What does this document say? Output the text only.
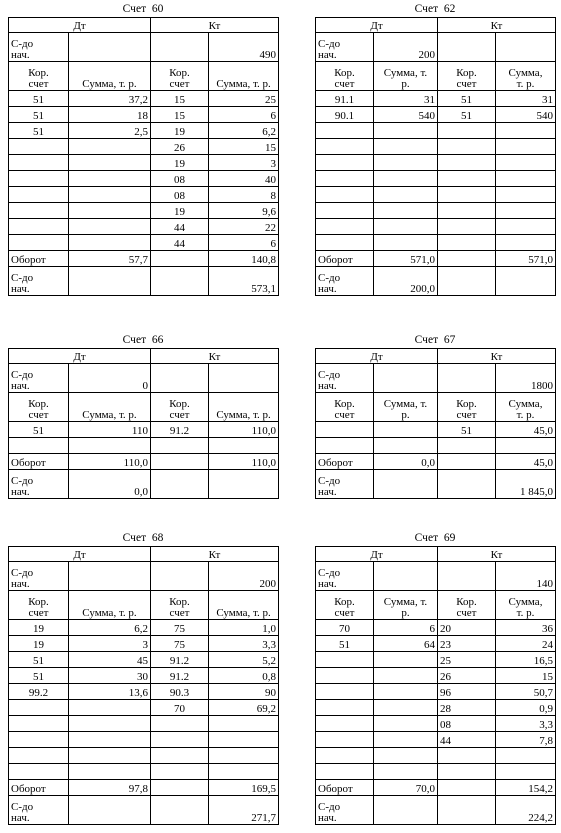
Счет  60
Дт		Кт	
С-до
нач.			490
Кор.
счет	Сумма, т. р.	Кор.
счет	Сумма, т. р.
51	37,2	15	25
51	18	15	6
51	2,5	19	6,2
		26	15
		19	3
		08	40
		08	8
		19	9,6
		44	22
		44	6
Оборот	57,7		140,8
С-до
нач.			573,1
Счет  62
Дт		Кт	
С-до
нач.	200		
Кор.
счет	Сумма, т.
р.	Кор.
счет	Сумма,
т. р.
91.1	31	51	31
90.1	540	51	540

Оборот	571,0		571,0
С-до
нач.	200,0		
Счет  66
Дт		Кт	
С-до
нач.	0		
Кор.
счет	Сумма, т. р.	Кор.
счет	Сумма, т. р.
51	110	91.2	110,0

Оборот	110,0		110,0
С-до
нач.	0,0		
Счет  67
Дт		Кт	
С-до
нач.			1800
Кор.
счет	Сумма, т.
р.	Кор.
счет	Сумма,
т. р.
		51	45,0

Оборот	0,0		45,0
С-до
нач.			1 845,0
Счет  68
Дт		Кт	
С-до
нач.			200
Кор.
счет	Сумма, т. р.	Кор.
счет	Сумма, т. р.
19	6,2	75	1,0
19	3	75	3,3
51	45	91.2	5,2
51	30	91.2	0,8
99.2	13,6	90.3	90
		70	69,2

Оборот	97,8		169,5
С-до
нач.			271,7
Счет  69
Дт		Кт	
С-до
нач.			140
Кор.
счет	Сумма, т.
р.	Кор.
счет	Сумма,
т. р.
70	6	20	36
51	64	23	24
		25	16,5
		26	15
		96	50,7
		28	0,9
		08	3,3
		44	7,8

Оборот	70,0		154,2
С-до
нач.			224,2
